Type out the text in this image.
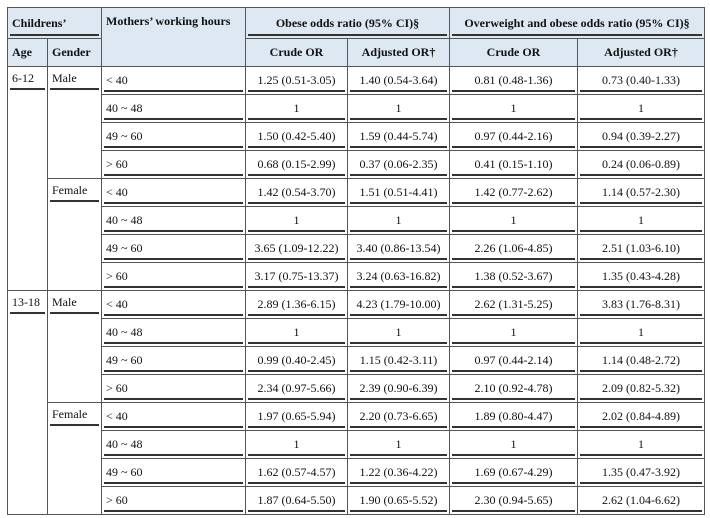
Childrens’		Mothers’ working hours	Obese odds ratio (95% CI)§		Overweight and obese odds ratio (95% CI)§	

Age	Gender		Crude OR	Adjusted OR†	Crude OR	Adjusted OR†
6-12	Male	< 40	1.25 (0.51-3.05)	1.40 (0.54-3.64)	0.81 (0.48-1.36)	0.73 (0.40-1.33)

		40 ~ 48	1	1	1	1

		49 ~ 60	1.50 (0.42-5.40)	1.59 (0.44-5.74)	0.97 (0.44-2.16)	0.94 (0.39-2.27)

		> 60	0.68 (0.15-2.99)	0.37 (0.06-2.35)	0.41 (0.15-1.10)	0.24 (0.06-0.89)

	Female	< 40	1.42 (0.54-3.70)	1.51 (0.51-4.41)	1.42 (0.77-2.62)	1.14 (0.57-2.30)

		40 ~ 48	1	1	1	1

		49 ~ 60	3.65 (1.09-12.22)	3.40 (0.86-13.54)	2.26 (1.06-4.85)	2.51 (1.03-6.10)

		> 60	3.17 (0.75-13.37)	3.24 (0.63-16.82)	1.38 (0.52-3.67)	1.35 (0.43-4.28)

13-18	Male	< 40	2.89 (1.36-6.15)	4.23 (1.79-10.00)	2.62 (1.31-5.25)	3.83 (1.76-8.31)

		40 ~ 48	1	1	1	1

		49 ~ 60	0.99 (0.40-2.45)	1.15 (0.42-3.11)	0.97 (0.44-2.14)	1.14 (0.48-2.72)

		> 60	2.34 (0.97-5.66)	2.39 (0.90-6.39)	2.10 (0.92-4.78)	2.09 (0.82-5.32)

	Female	< 40	1.97 (0.65-5.94)	2.20 (0.73-6.65)	1.89 (0.80-4.47)	2.02 (0.84-4.89)

		40 ~ 48	1	1	1	1

		49 ~ 60	1.62 (0.57-4.57)	1.22 (0.36-4.22)	1.69 (0.67-4.29)	1.35 (0.47-3.92)

		> 60	1.87 (0.64-5.50)	1.90 (0.65-5.52)	2.30 (0.94-5.65)	2.62 (1.04-6.62)
